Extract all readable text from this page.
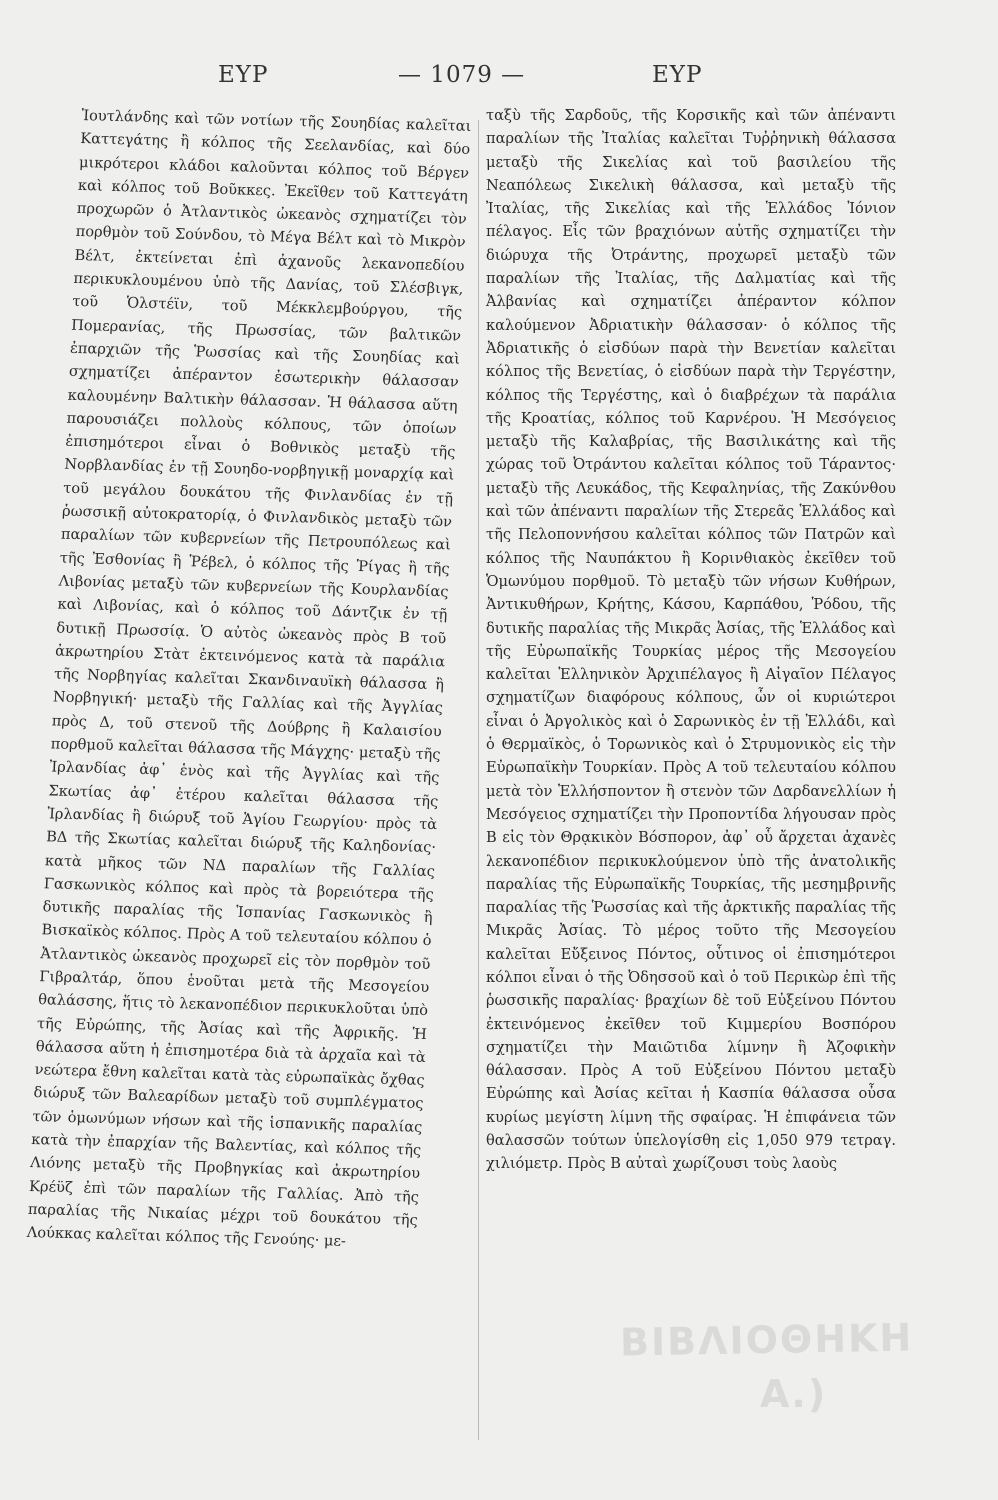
ΕΥΡ	— 1079 —	ΕΥΡ

Ἰουτλάνδης καὶ τῶν νοτίων τῆς Σουηδίας καλεῖται Καττεγάτης ἢ κόλπος τῆς Σεελανδίας, καὶ δύο μικρότεροι κλάδοι καλοῦνται κόλπος τοῦ Βέργεν καὶ κόλπος τοῦ Βοῦκκες. Ἐκεῖθεν τοῦ Καττεγάτη προχωρῶν ὁ Ἀτλαντικὸς ὠκεανὸς σχηματίζει τὸν πορθμὸν τοῦ Σούνδου, τὸ Μέγα Βέλτ καὶ τὸ Μικρὸν Βέλτ, ἐκτείνεται ἐπὶ ἀχανοῦς λεκανοπεδίου περικυκλουμένου ὑπὸ τῆς Δανίας, τοῦ Σλέσβιγκ, τοῦ Ὁλστέϊν, τοῦ Μέκκλεμβούργου, τῆς Πομερανίας, τῆς Πρωσσίας, τῶν βαλτικῶν ἐπαρχιῶν τῆς Ῥωσσίας καὶ τῆς Σουηδίας καὶ σχηματίζει ἀπέραντον ἐσωτερικὴν θάλασσαν καλουμένην Βαλτικὴν θάλασσαν. Ἡ θάλασσα αὕτη παρουσιάζει πολλοὺς κόλπους, τῶν ὁποίων ἐπισημότεροι εἶναι ὁ Βοθνικὸς μεταξὺ τῆς Νορβλανδίας ἐν τῇ Σουηδο-νορβηγικῇ μοναρχίᾳ καὶ τοῦ μεγάλου δουκάτου τῆς Φινλανδίας ἐν τῇ ῥωσσικῇ αὐτοκρατορίᾳ, ὁ Φινλανδικὸς μεταξὺ τῶν παραλίων τῶν κυβερνείων τῆς Πετρουπόλεως καὶ τῆς Ἐσθονίας ἢ Ῥέβελ, ὁ κόλπος τῆς Ῥίγας ἢ τῆς Λιβονίας μεταξὺ τῶν κυβερνείων τῆς Κουρλανδίας καὶ Λιβονίας, καὶ ὁ κόλπος τοῦ Δάντζικ ἐν τῇ δυτικῇ Πρωσσίᾳ. Ὁ αὐτὸς ὠκεανὸς πρὸς Β τοῦ ἀκρωτηρίου Στὰτ ἐκτεινόμενος κατὰ τὰ παράλια τῆς Νορβηγίας καλεῖται Σκανδιναυϊκὴ θάλασσα ἢ Νορβηγική· μεταξὺ τῆς Γαλλίας καὶ τῆς Ἀγγλίας πρὸς Δ, τοῦ στενοῦ τῆς Δούβρης ἢ Καλαισίου πορθμοῦ καλεῖται θάλασσα τῆς Μάγχης· μεταξὺ τῆς Ἰρλανδίας ἀφ᾽ ἑνὸς καὶ τῆς Ἀγγλίας καὶ τῆς Σκωτίας ἀφ᾽ ἑτέρου καλεῖται θάλασσα τῆς Ἰρλανδίας ἢ διώρυξ τοῦ Ἁγίου Γεωργίου· πρὸς τὰ ΒΔ τῆς Σκωτίας καλεῖται διώρυξ τῆς Καληδονίας· κατὰ μῆκος τῶν ΝΔ παραλίων τῆς Γαλλίας Γασκωνικὸς κόλπος καὶ πρὸς τὰ βορειότερα τῆς δυτικῆς παραλίας τῆς Ἱσπανίας Γασκωνικὸς ἢ Βισκαϊκὸς κόλπος. Πρὸς Α τοῦ τελευταίου κόλπου ὁ Ἀτλαντικὸς ὠκεανὸς προχωρεῖ εἰς τὸν πορθμὸν τοῦ Γιβραλτάρ, ὅπου ἑνοῦται μετὰ τῆς Μεσογείου θαλάσσης, ἥτις τὸ λεκανοπέδιον περικυκλοῦται ὑπὸ τῆς Εὐρώπης, τῆς Ἀσίας καὶ τῆς Ἀφρικῆς. Ἡ θάλασσα αὕτη ἡ ἐπισημοτέρα διὰ τὰ ἀρχαῖα καὶ τὰ νεώτερα ἔθνη καλεῖται κατὰ τὰς εὐρωπαϊκὰς ὄχθας διώρυξ τῶν Βαλεαρίδων μεταξὺ τοῦ συμπλέγματος τῶν ὁμωνύμων νήσων καὶ τῆς ἱσπανικῆς παραλίας κατὰ τὴν ἐπαρχίαν τῆς Βαλεντίας, καὶ κόλπος τῆς Λιόνης μεταξὺ τῆς Προβηγκίας καὶ ἀκρωτηρίου Κρέϋζ ἐπὶ τῶν παραλίων τῆς Γαλλίας. Ἀπὸ τῆς παραλίας τῆς Νικαίας μέχρι τοῦ δουκάτου τῆς Λούκκας καλεῖται κόλπος τῆς Γενούης· με-

ταξὺ τῆς Σαρδοῦς, τῆς Κορσικῆς καὶ τῶν ἀπέναντι παραλίων τῆς Ἰταλίας καλεῖται Τυῤῥηνικὴ θάλασσα μεταξὺ τῆς Σικελίας καὶ τοῦ βασιλείου τῆς Νεαπόλεως Σικελικὴ θάλασσα, καὶ μεταξὺ τῆς Ἰταλίας, τῆς Σικελίας καὶ τῆς Ἑλλάδος Ἰόνιον πέλαγος. Εἷς τῶν βραχιόνων αὐτῆς σχηματίζει τὴν διώρυχα τῆς Ὀτράντης, προχωρεῖ μεταξὺ τῶν παραλίων τῆς Ἰταλίας, τῆς Δαλματίας καὶ τῆς Ἀλβανίας καὶ σχηματίζει ἀπέραντον κόλπον καλούμενον Ἀδριατικὴν θάλασσαν· ὁ κόλπος τῆς Ἀδριατικῆς ὁ εἰσδύων παρὰ τὴν Βενετίαν καλεῖται κόλπος τῆς Βενετίας, ὁ εἰσδύων παρὰ τὴν Τεργέστην, κόλπος τῆς Τεργέστης, καὶ ὁ διαβρέχων τὰ παράλια τῆς Κροατίας, κόλπος τοῦ Καρνέρου. Ἡ Μεσόγειος μεταξὺ τῆς Καλαβρίας, τῆς Βασιλικάτης καὶ τῆς χώρας τοῦ Ὀτράντου καλεῖται κόλπος τοῦ Τάραντος· μεταξὺ τῆς Λευκάδος, τῆς Κεφαληνίας, τῆς Ζακύνθου καὶ τῶν ἀπέναντι παραλίων τῆς Στερεᾶς Ἑλλάδος καὶ τῆς Πελοποννήσου καλεῖται κόλπος τῶν Πατρῶν καὶ κόλπος τῆς Ναυπάκτου ἢ Κορινθιακὸς ἐκεῖθεν τοῦ Ὁμωνύμου πορθμοῦ. Τὸ μεταξὺ τῶν νήσων Κυθήρων, Ἀντικυθήρων, Κρήτης, Κάσου, Καρπάθου, Ῥόδου, τῆς δυτικῆς παραλίας τῆς Μικρᾶς Ἀσίας, τῆς Ἑλλάδος καὶ τῆς Εὐρωπαϊκῆς Τουρκίας μέρος τῆς Μεσογείου καλεῖται Ἑλληνικὸν Ἀρχιπέλαγος ἢ Αἰγαῖον Πέλαγος σχηματίζων διαφόρους κόλπους, ὧν οἱ κυριώτεροι εἶναι ὁ Ἀργολικὸς καὶ ὁ Σαρωνικὸς ἐν τῇ Ἑλλάδι, καὶ ὁ Θερμαϊκὸς, ὁ Τορωνικὸς καὶ ὁ Στρυμονικὸς εἰς τὴν Εὐρωπαϊκὴν Τουρκίαν. Πρὸς Α τοῦ τελευταίου κόλπου μετὰ τὸν Ἑλλήσποντον ἢ στενὸν τῶν Δαρδανελλίων ἡ Μεσόγειος σχηματίζει τὴν Προποντίδα λήγουσαν πρὸς Β εἰς τὸν Θρᾳκικὸν Βόσπορον, ἀφ᾽ οὗ ἄρχεται ἀχανὲς λεκανοπέδιον περικυκλούμενον ὑπὸ τῆς ἀνατολικῆς παραλίας τῆς Εὐρωπαϊκῆς Τουρκίας, τῆς μεσημβρινῆς παραλίας τῆς Ῥωσσίας καὶ τῆς ἀρκτικῆς παραλίας τῆς Μικρᾶς Ἀσίας. Τὸ μέρος τοῦτο τῆς Μεσογείου καλεῖται Εὔξεινος Πόντος, οὗτινος οἱ ἐπισημότεροι κόλποι εἶναι ὁ τῆς Ὀδησσοῦ καὶ ὁ τοῦ Περικὼρ ἐπὶ τῆς ῥωσσικῆς παραλίας· βραχίων δὲ τοῦ Εὐξείνου Πόντου ἐκτεινόμενος ἐκεῖθεν τοῦ Κιμμερίου Βοσπόρου σχηματίζει τὴν Μαιῶτιδα λίμνην ἢ Ἀζοφικὴν θάλασσαν. Πρὸς Α τοῦ Εὐξείνου Πόντου μεταξὺ Εὐρώπης καὶ Ἀσίας κεῖται ἡ Κασπία θάλασσα οὖσα κυρίως μεγίστη λίμνη τῆς σφαίρας. Ἡ ἐπιφάνεια τῶν θαλασσῶν τούτων ὑπελογίσθη εἰς 1,050 979 τετραγ. χιλιόμετρ. Πρὸς Β αὐταὶ χωρίζουσι τοὺς λαοὺς

ΒΙΒΛΙΟΘΗΚΗ
Α.)
